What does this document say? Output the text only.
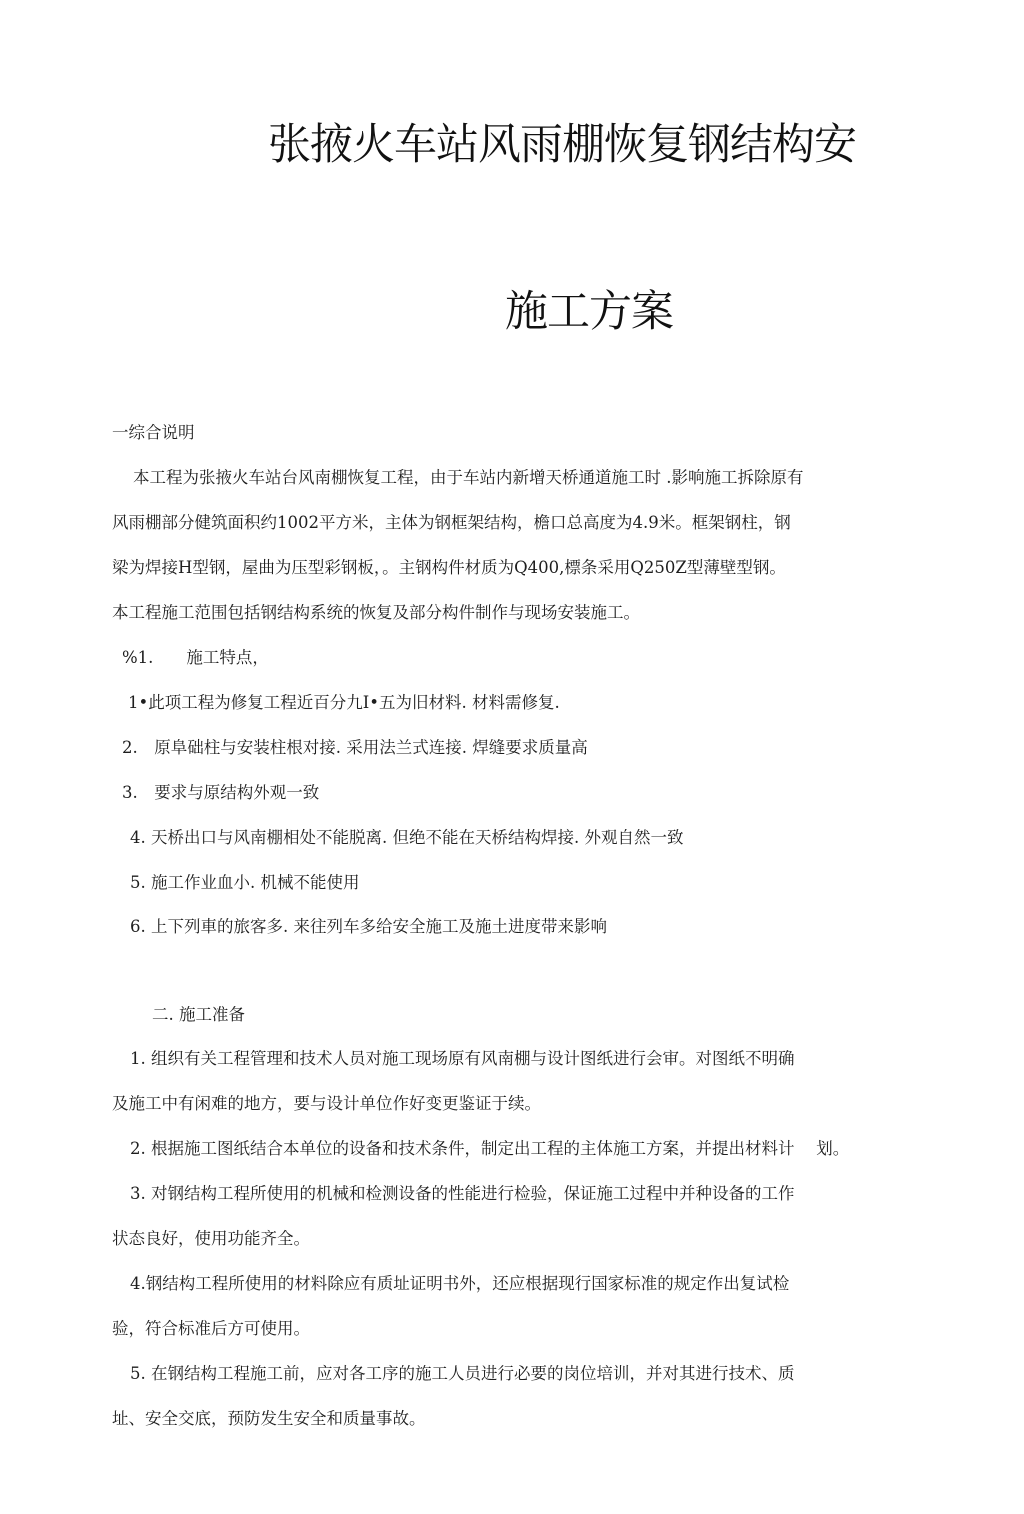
张掖火车站风雨棚恢复钢结构安
施工方案
一综合说明
本工程为张掖火车站台风南棚恢复工程，由于车站内新增天桥通道施工时 .影响施工拆除原有
风雨棚部分健筑面积约1002平方米，主体为钢框架结构，檐口总高度为4.9米。框架钢柱，钢
梁为焊接H型钢，屋曲为压型彩钢板，。主钢构件材质为Q400,標条采用Q250Z型薄壁型钢。
本工程施工范围包括钢结构系统的恢复及部分构件制作与现场安装施工。
%1.　　施工特点，
1•此项工程为修复工程近百分九I•五为旧材料. 材料需修复.
2.　原阜础柱与安装柱根对接. 采用法兰式连接. 焊缝要求质量高
3.　要求与原结构外观一致
4. 天桥出口与风南棚相处不能脱离. 但绝不能在天桥结构焊接. 外观自然一致
5. 施工作业血小. 机械不能使用
6. 上下列車的旅客多. 来往列车多给安全施工及施土进度带来影响
二. 施工准备
1. 组织有关工程管理和技术人员对施工现场原有风南棚与设计图纸进行会审。对图纸不明确
及施工中有闲难的地方，要与设计单位作好变更鉴证于续。
2. 根据施工图纸结合本单位的设备和技术条件，制定出工程的主体施工方案，并提出材料计　 划。
3. 对钢结构工程所使用的机械和检测设备的性能进行检验，保证施工过程中并种设备的工作
状态良好，使用功能齐全。
4.钢结构工程所使用的材料除应有质址证明书外，还应根据现行国家标准的规定作出复试检
验，符合标准后方可使用。
5. 在钢结构工程施工前，应对各工序的施工人员进行必要的岗位培训，并对其进行技术、质
址、安全交底，预防发生安全和质量事故。
